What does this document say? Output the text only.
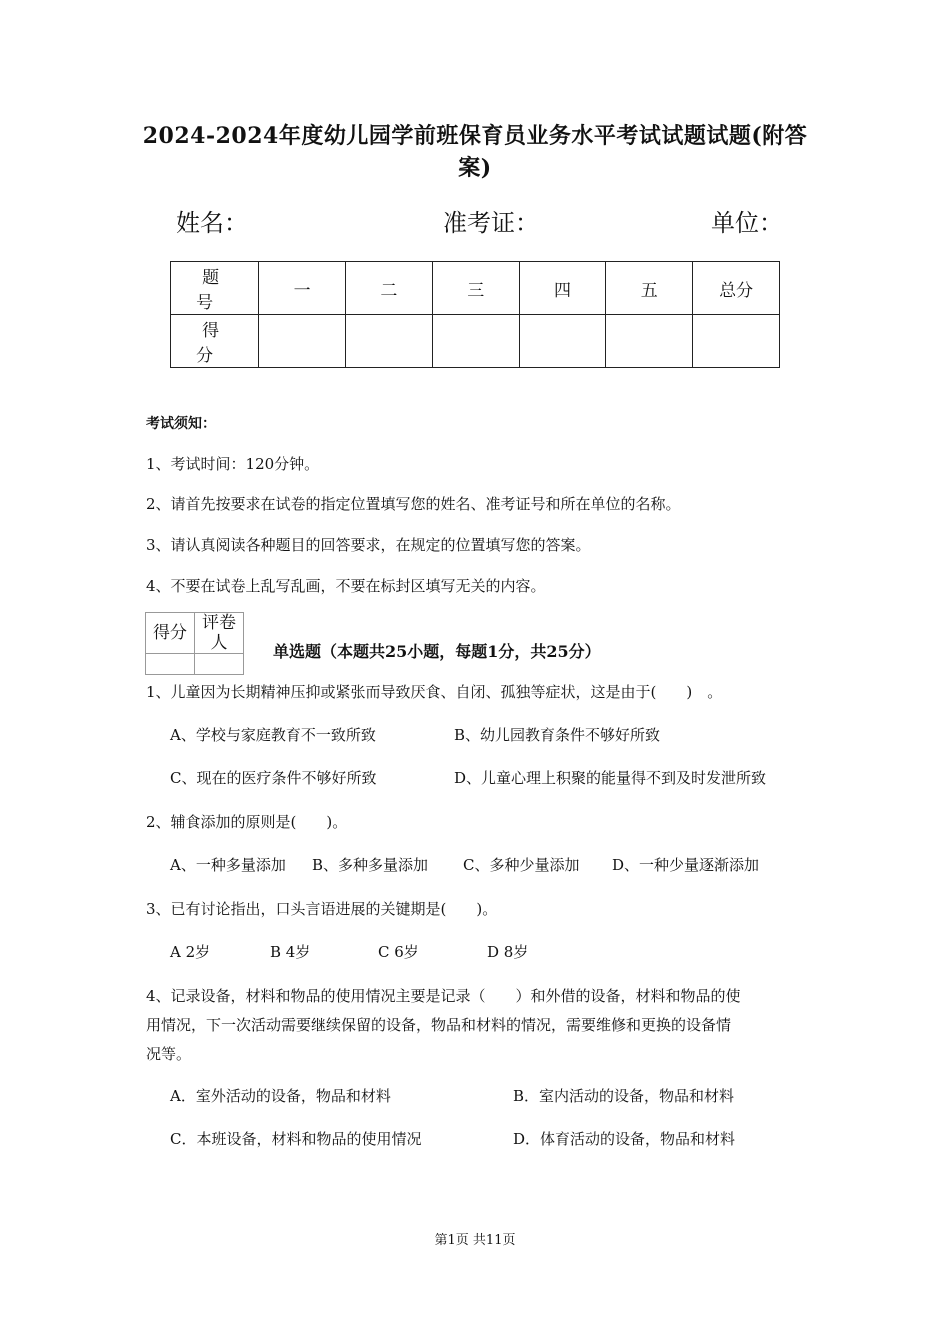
2024-2024年度幼儿园学前班保育员业务水平考试试题试题(附答
案)
姓名：	准考证：	单位：
题号	一	二	三	四	五	总分
得分						
考试须知：
1、考试时间：120分钟。
2、请首先按要求在试卷的指定位置填写您的姓名、准考证号和所在单位的名称。
3、请认真阅读各种题目的回答要求，在规定的位置填写您的答案。
4、不要在试卷上乱写乱画，不要在标封区填写无关的内容。
得分	评卷人
		单选题（本题共25小题，每题1分，共25分）
1、儿童因为长期精神压抑或紧张而导致厌食、自闭、孤独等症状，这是由于(　　)　。
A、学校与家庭教育不一致所致	B、幼儿园教育条件不够好所致
C、现在的医疗条件不够好所致	D、儿童心理上积聚的能量得不到及时发泄所致
2、辅食添加的原则是(　　)。
A、一种多量添加 B、多种多量添加 C、多种少量添加 D、一种少量逐渐添加
3、已有讨论指出，口头言语进展的关键期是(　　)。
A 2岁	B 4岁	C 6岁	D 8岁
4、记录设备，材料和物品的使用情况主要是记录（　　）和外借的设备，材料和物品的使
用情况，下一次活动需要继续保留的设备，物品和材料的情况，需要维修和更换的设备情
况等。
A．室外活动的设备，物品和材料	B．室内活动的设备，物品和材料
C．本班设备，材料和物品的使用情况	D．体育活动的设备，物品和材料
第1页 共11页
